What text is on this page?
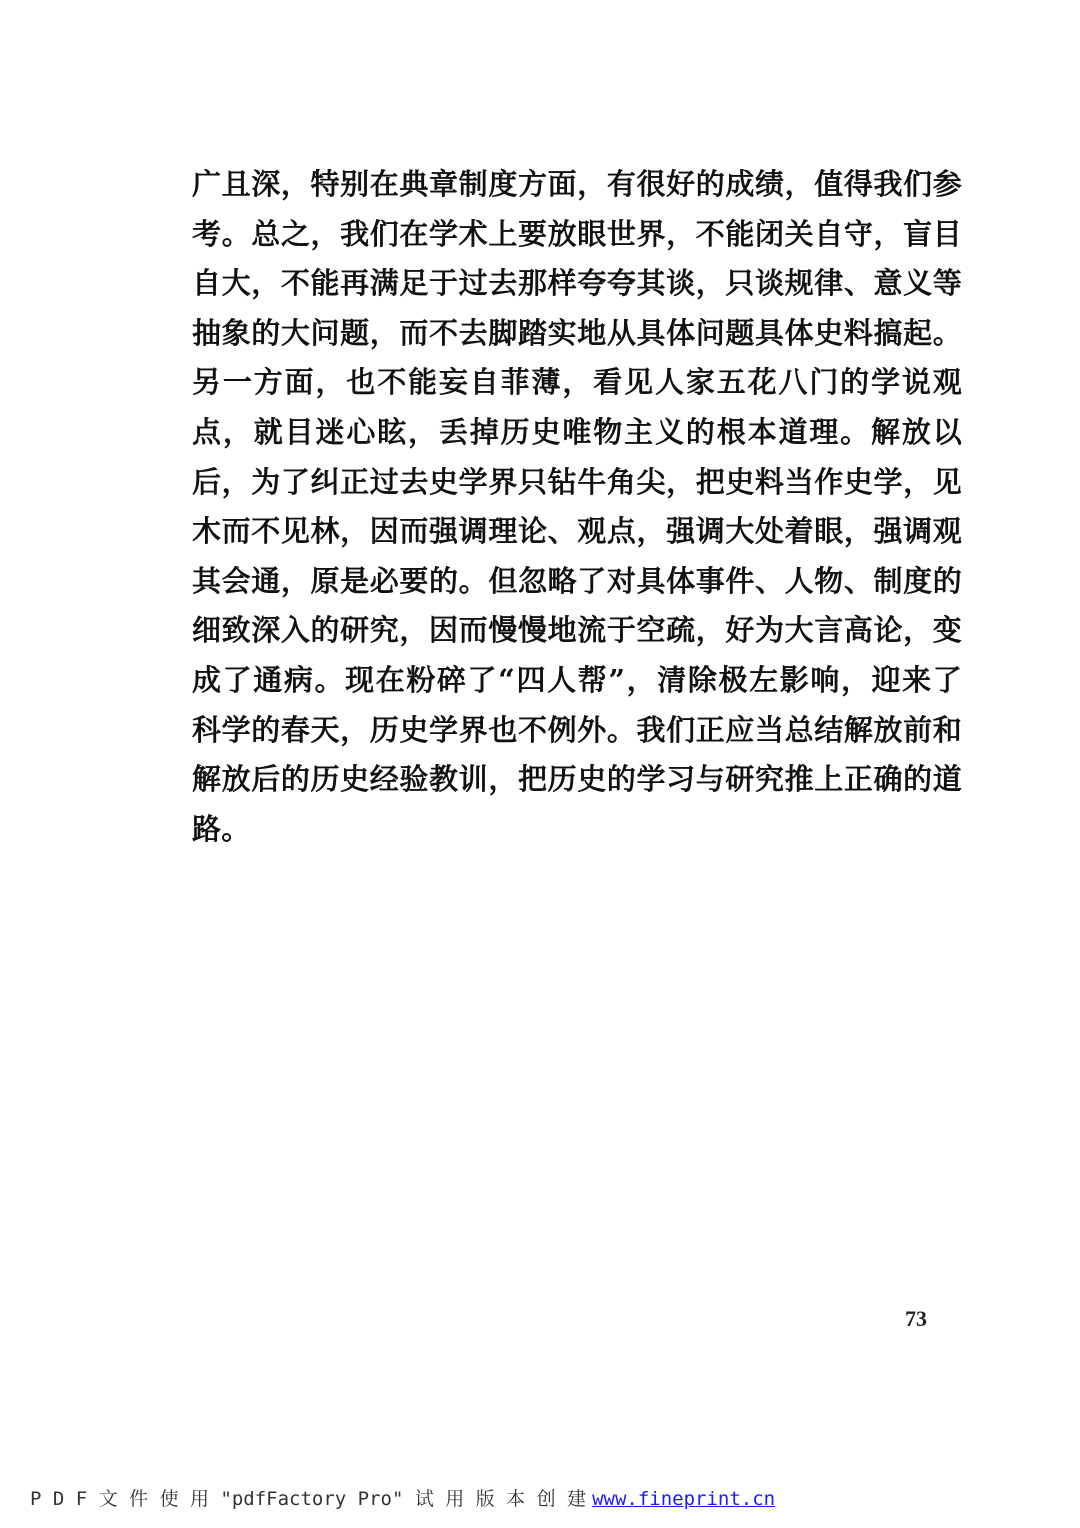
广且深，特别在典章制度方面，有很好的成绩，值得我们参
考。总之，我们在学术上要放眼世界，不能闭关自守，盲目
自大，不能再满足于过去那样夸夸其谈，只谈规律、意义等
抽象的大问题，而不去脚踏实地从具体问题具体史料搞起。
另一方面，也不能妄自菲薄，看见人家五花八门的学说观
点，就目迷心眩，丢掉历史唯物主义的根本道理。解放以
后，为了纠正过去史学界只钻牛角尖，把史料当作史学，见
木而不见林，因而强调理论、观点，强调大处着眼，强调观
其会通，原是必要的。但忽略了对具体事件、人物、制度的
细致深入的研究，因而慢慢地流于空疏，好为大言高论，变
成了通病。现在粉碎了“四人帮”，清除极左影响，迎来了
科学的春天，历史学界也不例外。我们正应当总结解放前和
解放后的历史经验教训，把历史的学习与研究推上正确的道
路。
73
P D F 文 件 使 用 "pdfFactory Pro" 试 用 版 本 创 建 www.fineprint.cn
